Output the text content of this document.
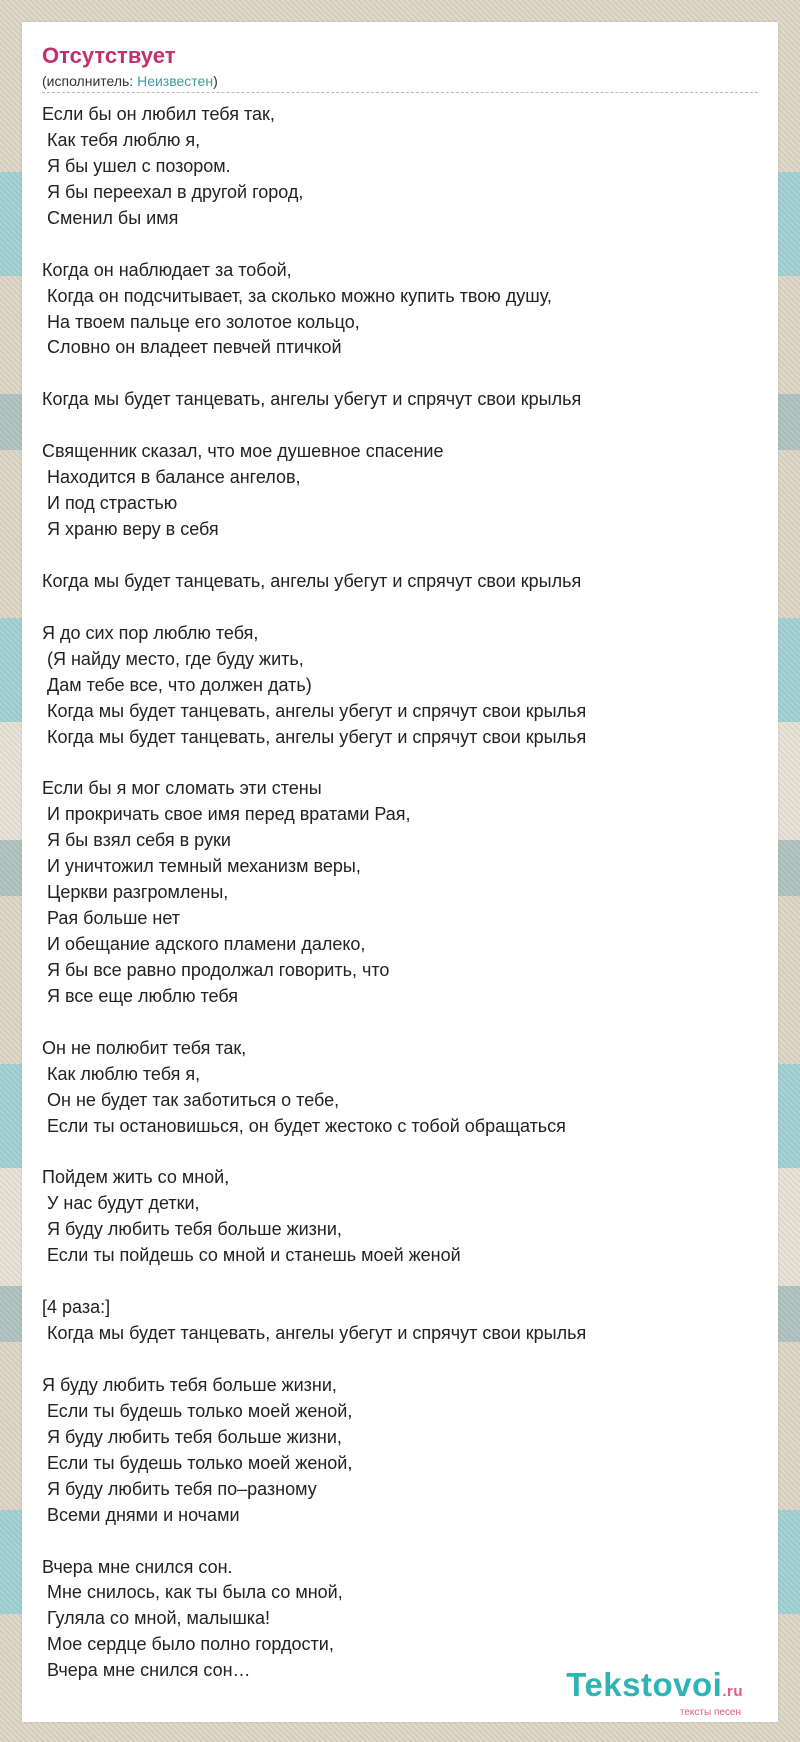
Отсутствует
(исполнитель: Неизвестен)
Если бы он любил тебя так,
Как тебя люблю я,
Я бы ушел с позором.
Я бы переехал в другой город,
Сменил бы имя
Когда он наблюдает за тобой,
Когда он подсчитывает, за сколько можно купить твою душу,
На твоем пальце его золотое кольцо,
Словно он владеет певчей птичкой
Когда мы будет танцевать, ангелы убегут и спрячут свои крылья
Священник сказал, что мое душевное спасение
Находится в балансе ангелов,
И под страстью
Я храню веру в себя
Когда мы будет танцевать, ангелы убегут и спрячут свои крылья
Я до сих пор люблю тебя,
(Я найду место, где буду жить,
Дам тебе все, что должен дать)
Когда мы будет танцевать, ангелы убегут и спрячут свои крылья
Когда мы будет танцевать, ангелы убегут и спрячут свои крылья
Если бы я мог сломать эти стены
И прокричать свое имя перед вратами Рая,
Я бы взял себя в руки
И уничтожил темный механизм веры,
Церкви разгромлены,
Рая больше нет
И обещание адского пламени далеко,
Я бы все равно продолжал говорить, что
Я все еще люблю тебя
Он не полюбит тебя так,
Как люблю тебя я,
Он не будет так заботиться о тебе,
Если ты остановишься, он будет жестоко с тобой обращаться
Пойдем жить со мной,
У нас будут детки,
Я буду любить тебя больше жизни,
Если ты пойдешь со мной и станешь моей женой
[4 раза:]
Когда мы будет танцевать, ангелы убегут и спрячут свои крылья
Я буду любить тебя больше жизни,
Если ты будешь только моей женой,
Я буду любить тебя больше жизни,
Если ты будешь только моей женой,
Я буду любить тебя по–разному
Всеми днями и ночами
Вчера мне снился сон.
Мне снилось, как ты была со мной,
Гуляла со мной, малышка!
Мое сердце было полно гордости,
Вчера мне снился сон…	Tekstovoi.ru
тексты песен
